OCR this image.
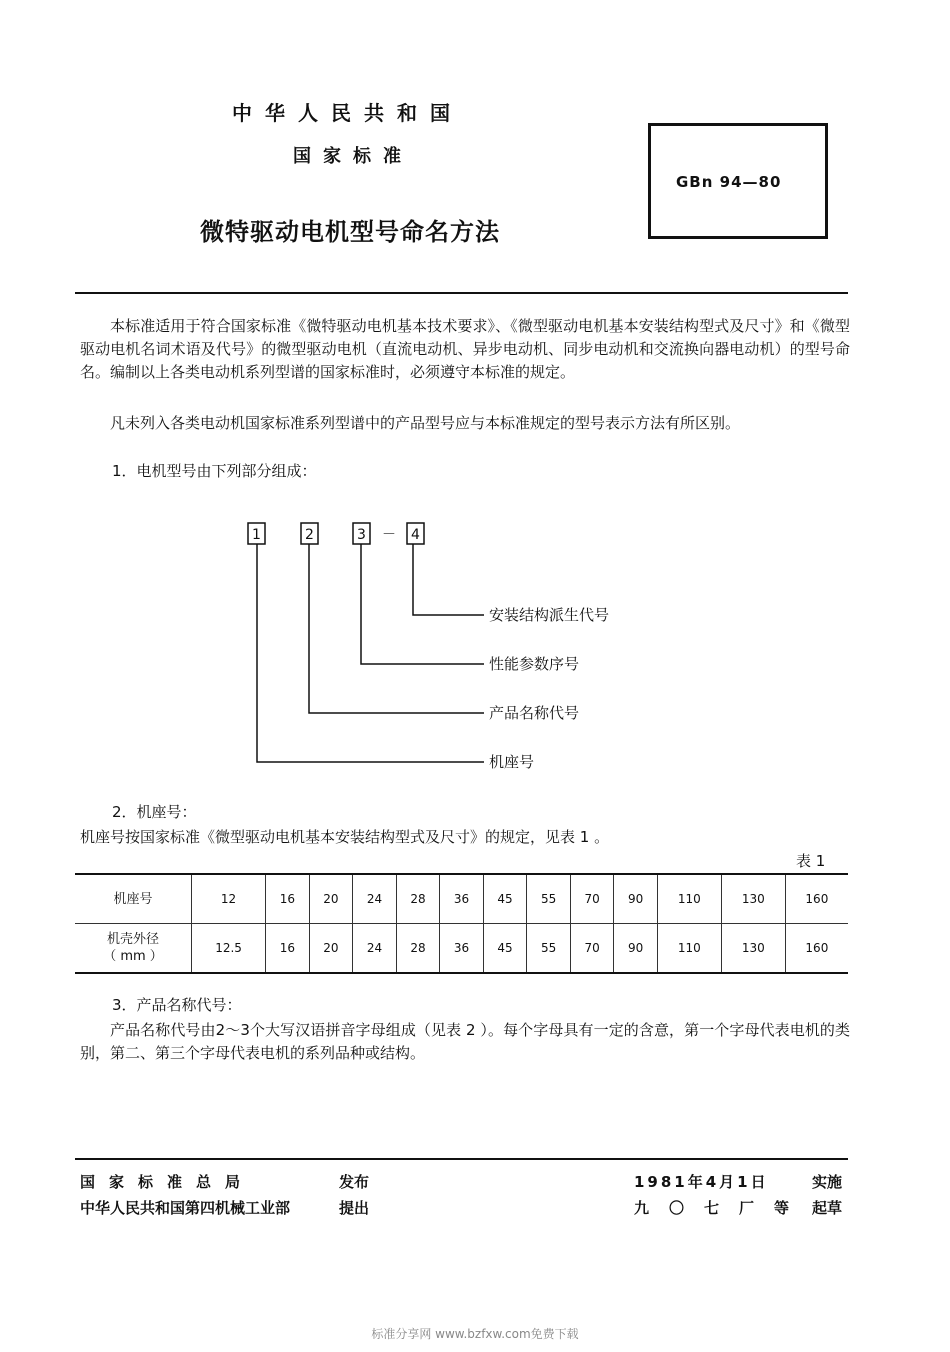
中华人民共和国
国家标准
微特驱动电机型号命名方法
GBn 94—80
本标准适用于符合国家标准《微特驱动电机基本技术要求》、《微型驱动电机基本安装结构型式及尺寸》和《微型驱动电机名词术语及代号》的微型驱动电机（直流电动机、异步电动机、同步电动机和交流换向器电动机）的型号命名。编制以上各类电动机系列型谱的国家标准时，必须遵守本标准的规定。
凡未列入各类电动机国家标准系列型谱中的产品型号应与本标准规定的型号表示方法有所区别。
1．电机型号由下列部分组成：
1	2	3	4
－
安装结构派生代号
性能参数序号
产品名称代号
机座号
2．机座号：
机座号按国家标准《微型驱动电机基本安装结构型式及尺寸》的规定，见表 1 。
表 1
机座号	12	16	20	24	28	36	45	55	70	90	110	130	160
机壳外径
（ mm ）	12.5	16	20	24	28	36	45	55	70	90	110	130	160
3．产品名称代号：
产品名称代号由2～3个大写汉语拼音字母组成（见表 2 ）。每个字母具有一定的含意，第一个字母代表电机的类别，第二、第三个字母代表电机的系列品种或结构。
国家标准总局	发布
中华人民共和国第四机械工业部	提出
1981年4月1日	实施
九〇七厂等 起草
标准分享网 www.bzfxw.com免费下载
